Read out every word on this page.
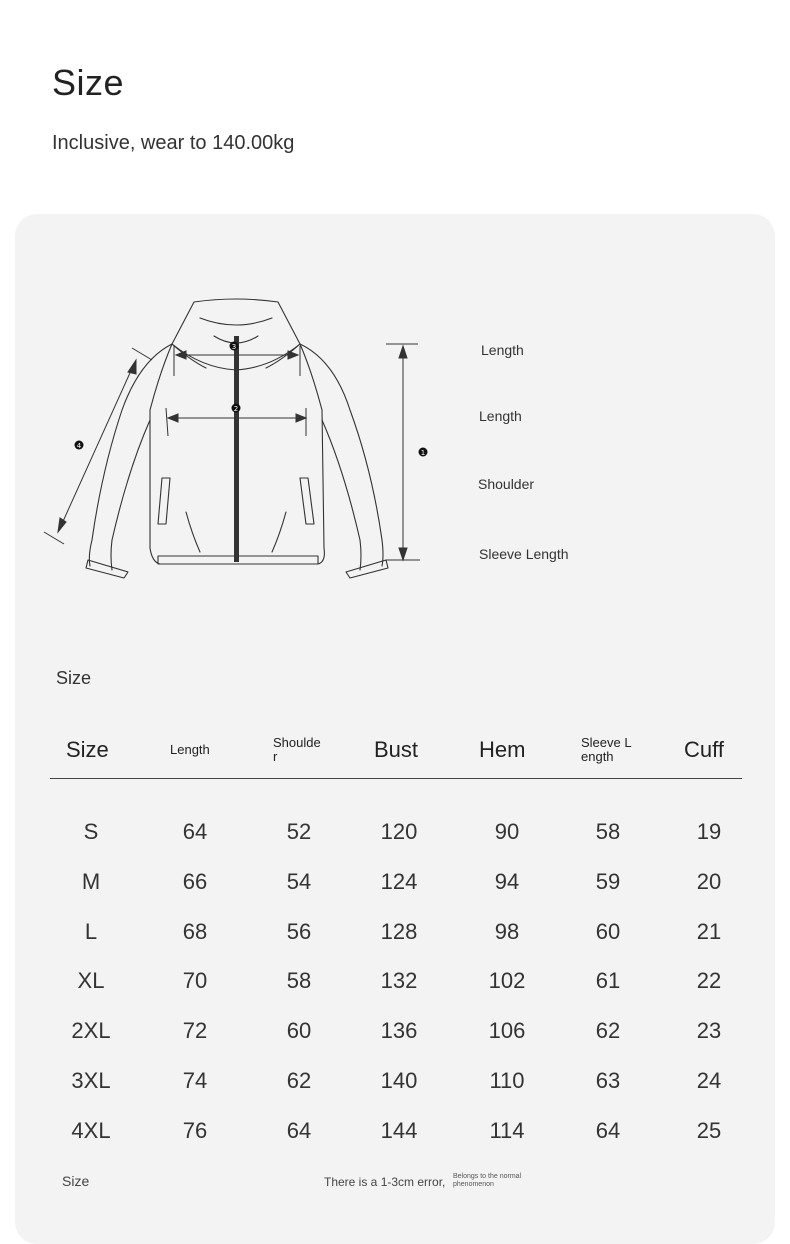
Size
Inclusive, wear to 140.00kg
4
3
2
1
Length
Length
Shoulder
Sleeve Length
Size
Size	Length	Shoulde r	Bust	Hem	Sleeve L ength	Cuff
S	64	52	120	90	58	19
M	66	54	124	94	59	20
L	68	56	128	98	60	21
XL	70	58	132	102	61	22
2XL	72	60	136	106	62	23
3XL	74	62	140	110	63	24
4XL	76	64	144	114	64	25
Size	There is a 1-3cm error, Belongs to the normal phenomenon
